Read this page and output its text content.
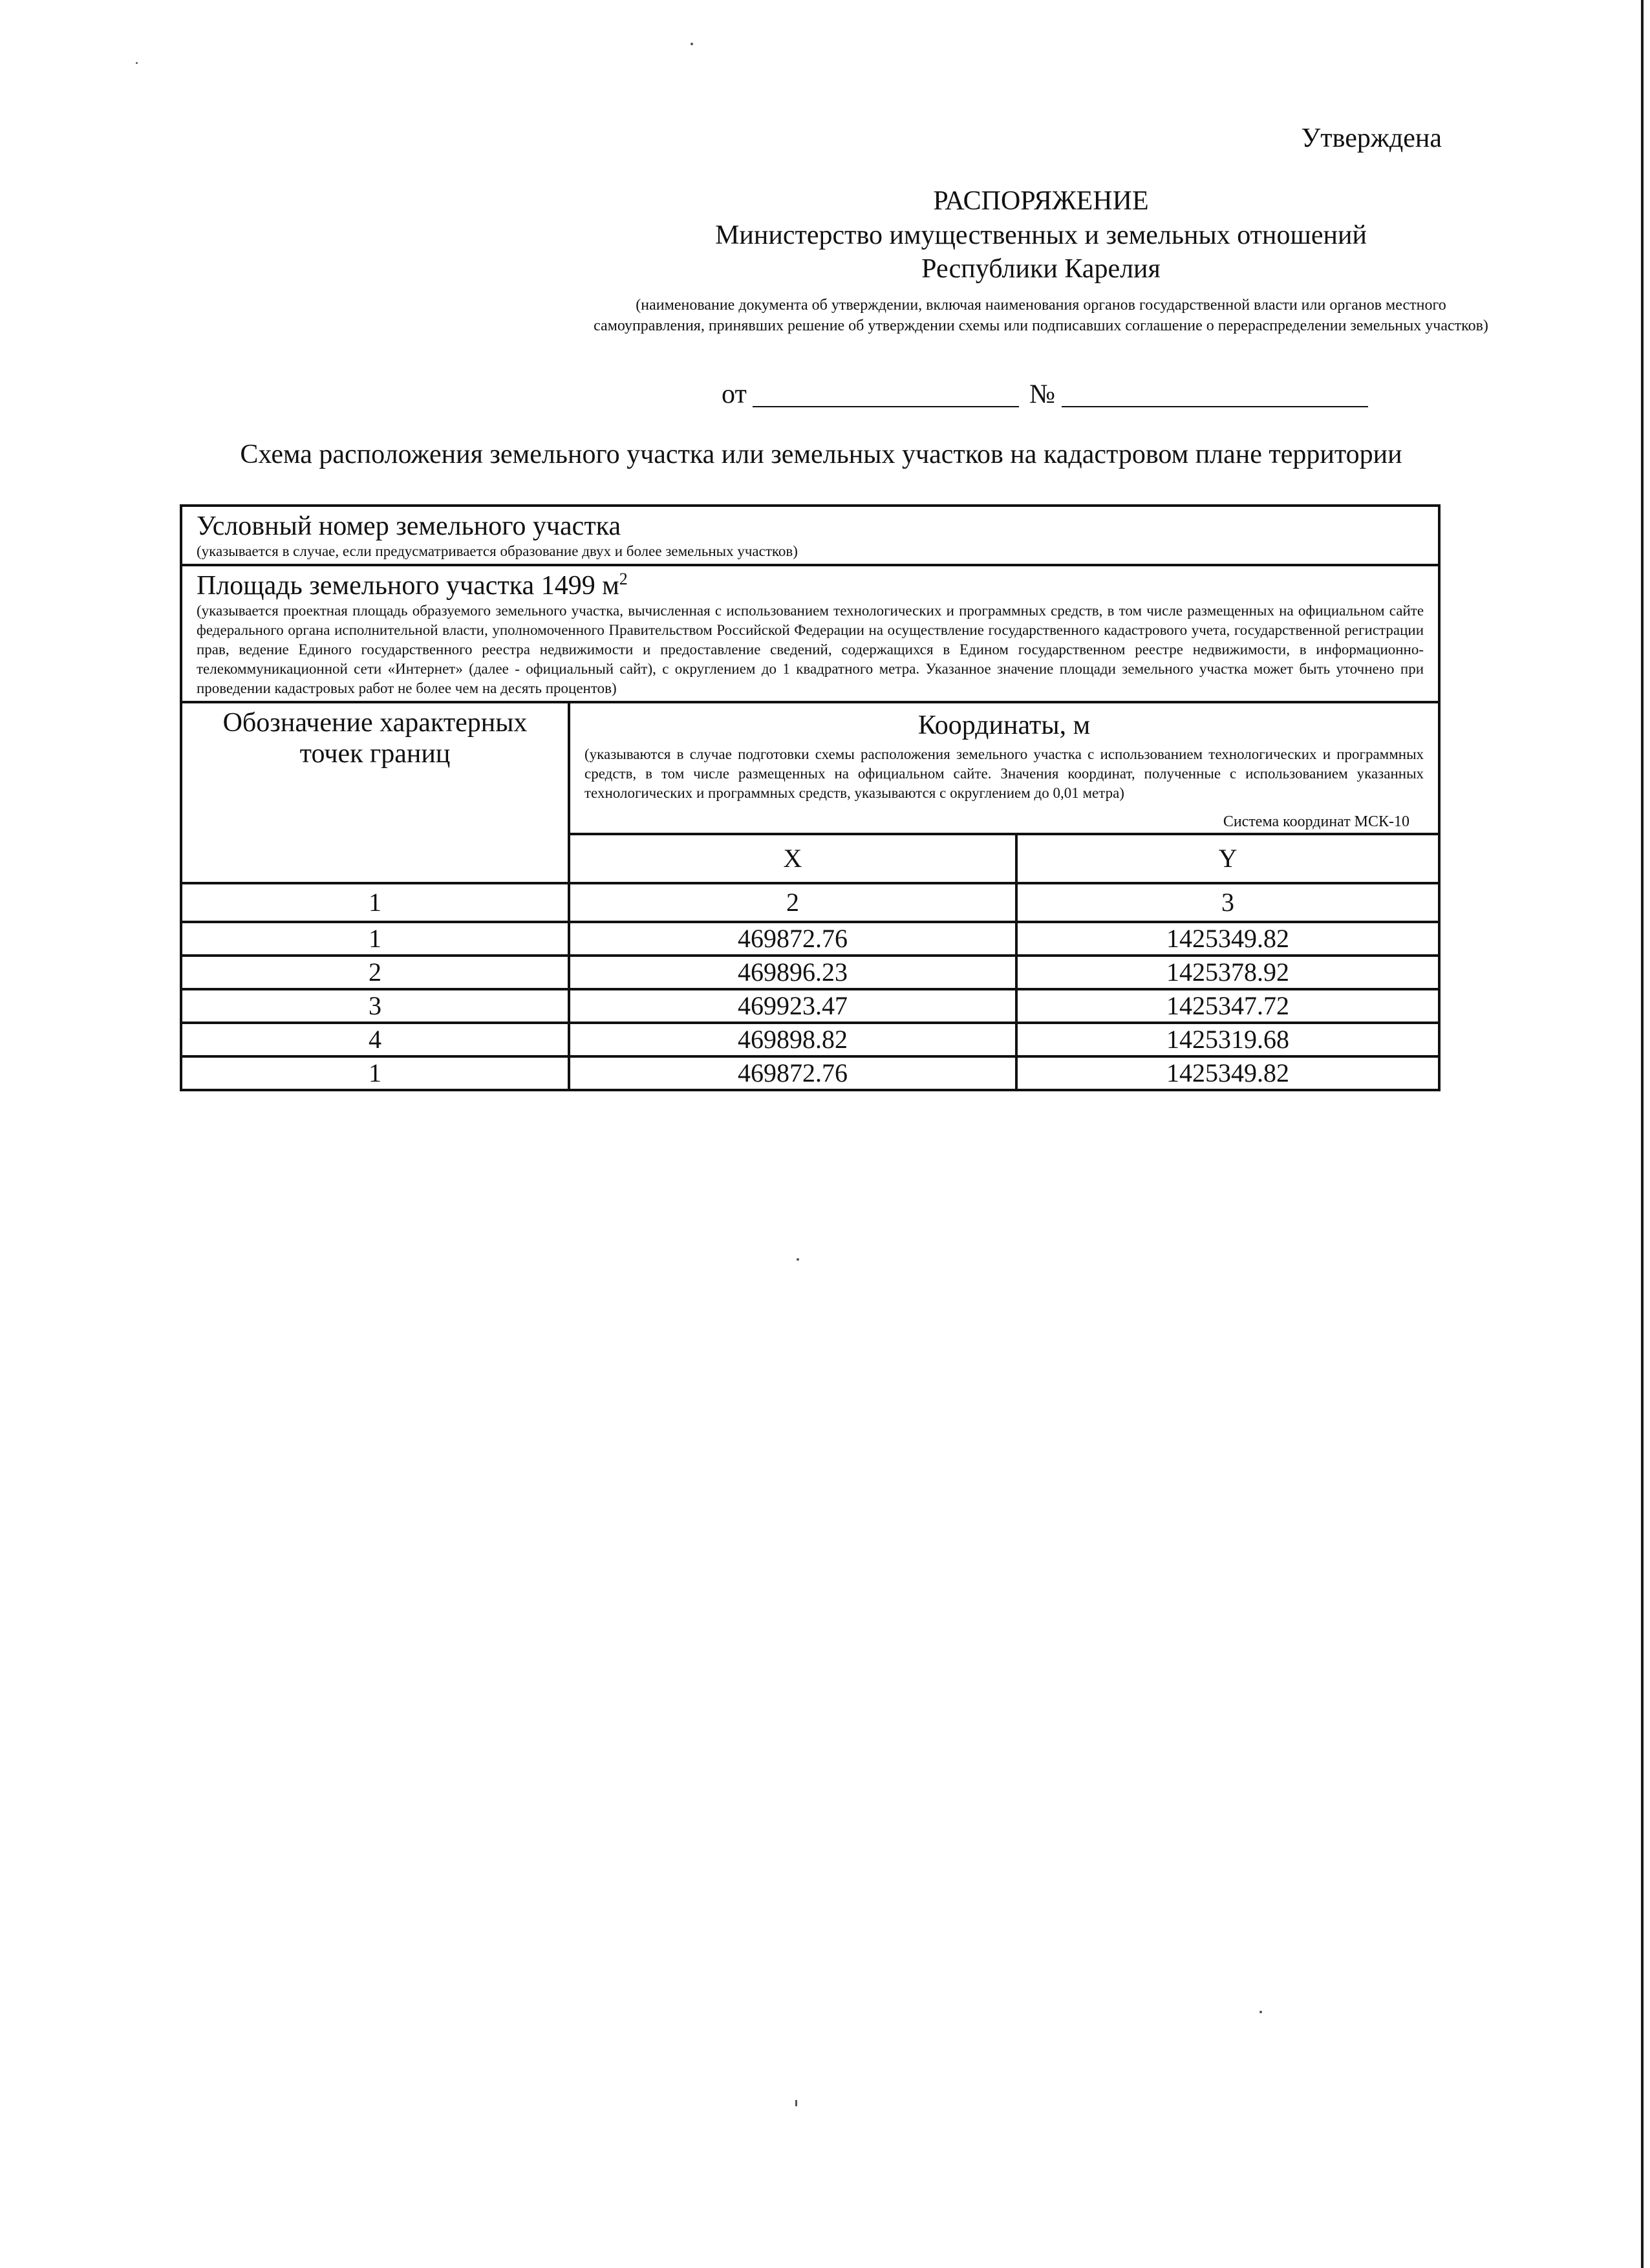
Утверждена
РАСПОРЯЖЕНИЕ
Министерство имущественных и земельных отношений
Республики Карелия
(наименование документа об утверждении, включая наименования органов государственной власти или органов местного самоуправления, принявших решение об утверждении схемы или подписавших соглашение о перераспределении земельных участков)
от	№
Схема расположения земельного участка или земельных участков на кадастровом плане территории
Условный номер земельного участка
(указывается в случае, если предусматривается образование двух и более земельных участков)		

Площадь земельного участка 1499 $м^2$
(указывается проектная площадь образуемого земельного участка, вычисленная с использованием технологических и программных средств, в том числе размещенных на официальном сайте федерального органа исполнительной власти, уполномоченного Правительством Российской Федерации на осуществление государственного кадастрового учета, государственной регистрации прав, ведение Единого государственного реестра недвижимости и предоставление сведений, содержащихся в Едином государственном реестре недвижимости, в информационно-телекоммуникационной сети «Интернет» (далее - официальный сайт), с округлением до 1 квадратного метра. Указанное значение площади земельного участка может быть уточнено при проведении кадастровых работ не более чем на десять процентов)		

Обозначение характерных точек границ	Координаты, м
(указываются в случае подготовки схемы расположения земельного участка с использованием технологических и программных средств, в том числе размещенных на официальном сайте. Значения координат, полученные с использованием указанных технологических и программных средств, указываются с округлением до 0,01 метра)
Система координат МСК-10	

	X	Y
1	2	3
1	469872.76	1425349.82
2	469896.23	1425378.92
3	469923.47	1425347.72
4	469898.82	1425319.68
1	469872.76	1425349.82
